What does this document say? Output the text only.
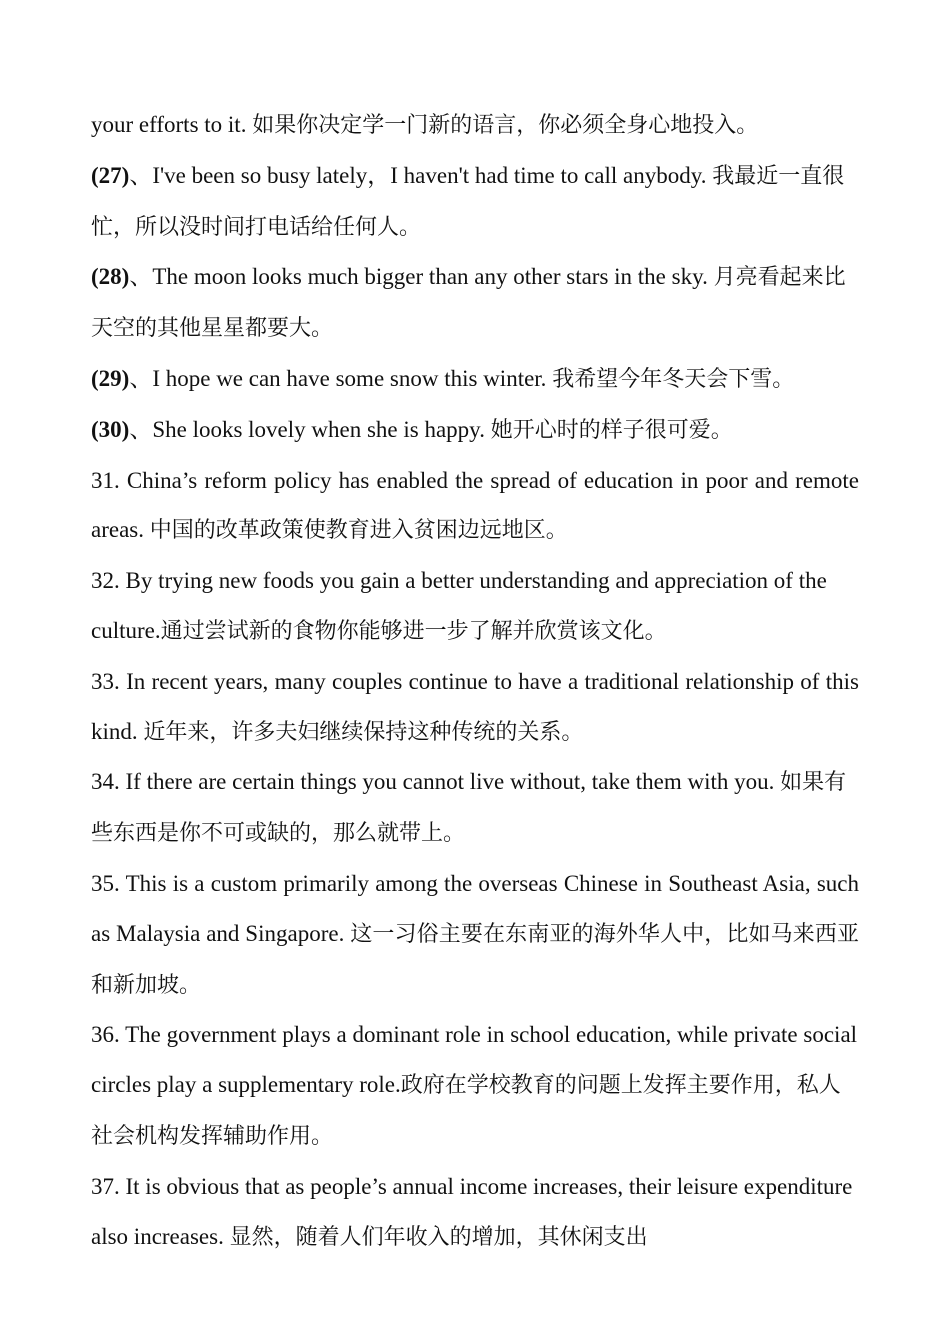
your efforts to it. 如果你决定学一门新的语言，你必须全身心地投入。

(27)、I've been so busy lately，I haven't had time to call anybody. 我最近一直很忙，所以没时间打电话给任何人。

(28)、The moon looks much bigger than any other stars in the sky. 月亮看起来比天空的其他星星都要大。

(29)、I hope we can have some snow this winter. 我希望今年冬天会下雪。

(30)、She looks lovely when she is happy. 她开心时的样子很可爱。

31. China’s reform policy has enabled the spread of education in poor and remote areas. 中国的改革政策使教育进入贫困边远地区。

32. By trying new foods you gain a better understanding and appreciation of the culture.通过尝试新的食物你能够进一步了解并欣赏该文化。

33. In recent years, many couples continue to have a traditional relationship of this kind. 近年来，许多夫妇继续保持这种传统的关系。

34. If there are certain things you cannot live without, take them with you. 如果有些东西是你不可或缺的，那么就带上。

35. This is a custom primarily among the overseas Chinese in Southeast Asia, such as Malaysia and Singapore. 这一习俗主要在东南亚的海外华人中，比如马来西亚和新加坡。

36. The government plays a dominant role in school education, while private social circles play a supplementary role.政府在学校教育的问题上发挥主要作用，私人社会机构发挥辅助作用。

37. It is obvious that as people’s annual income increases, their leisure expenditure also increases. 显然，随着人们年收入的增加，其休闲支出
